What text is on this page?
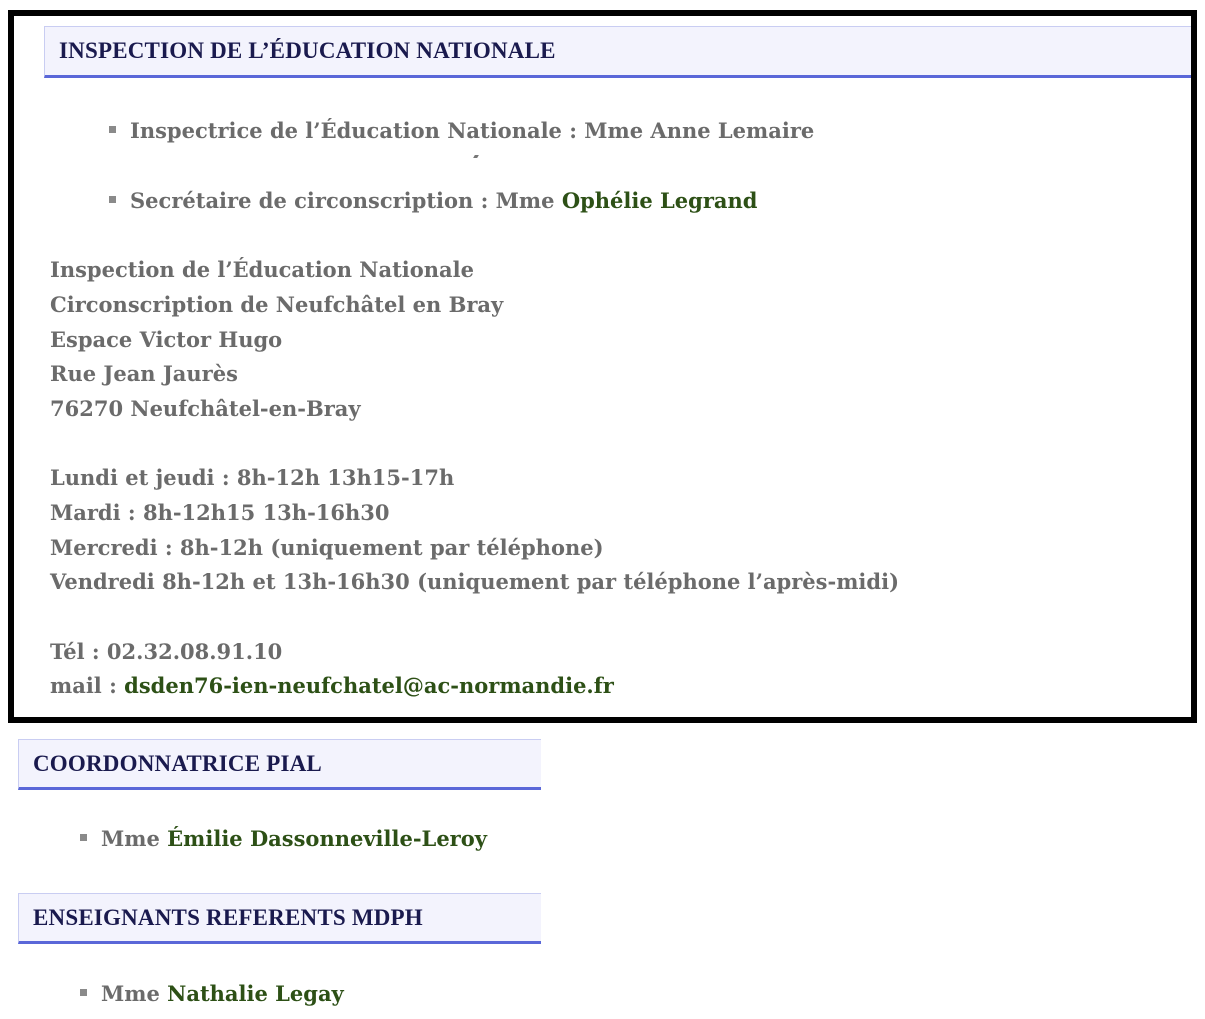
INSPECTION DE L’ÉDUCATION NATIONALE
Inspectrice de l’Éducation Nationale : Mme Anne Lemaire
Secrétaire de circonscription : Mme Ophélie Legrand
Inspection de l’Éducation Nationale
Circonscription de Neufchâtel en Bray
Espace Victor Hugo
Rue Jean Jaurès
76270 Neufchâtel-en-Bray
Lundi et jeudi : 8h-12h 13h15-17h
Mardi : 8h-12h15 13h-16h30
Mercredi : 8h-12h (uniquement par téléphone)
Vendredi 8h-12h et 13h-16h30 (uniquement par téléphone l’après-midi)
Tél : 02.32.08.91.10
mail : dsden76-ien-neufchatel@ac-normandie.fr
COORDONNATRICE PIAL
Mme Émilie Dassonneville-Leroy
ENSEIGNANTS REFERENTS MDPH
Mme Nathalie Legay
